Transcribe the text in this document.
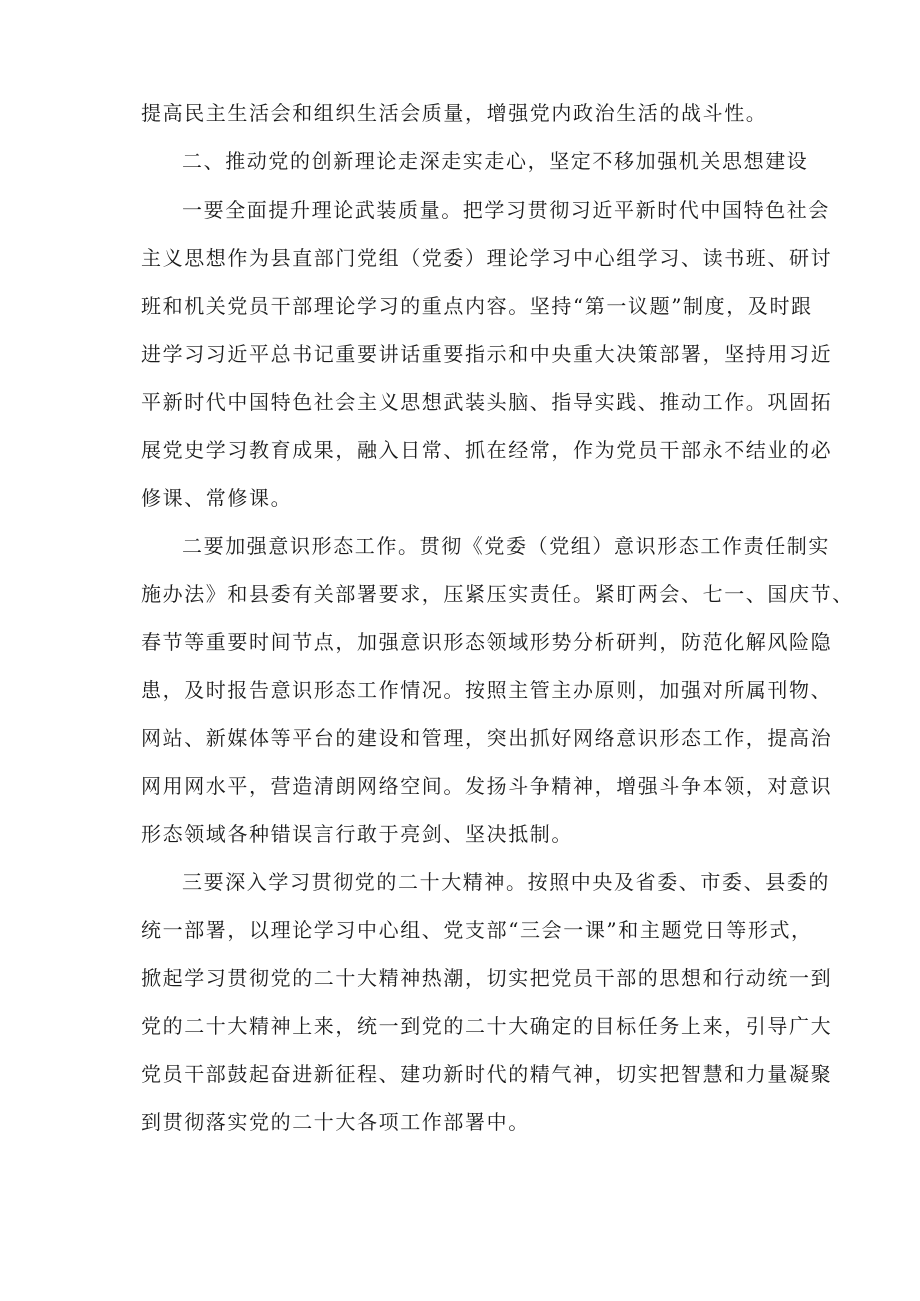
提高民主生活会和组织生活会质量，增强党内政治生活的战斗性。
二、推动党的创新理论走深走实走心，坚定不移加强机关思想建设
一要全面提升理论武装质量。把学习贯彻习近平新时代中国特色社会
主义思想作为县直部门党组（党委）理论学习中心组学习、读书班、研讨
班和机关党员干部理论学习的重点内容。坚持“第一议题”制度，及时跟
进学习习近平总书记重要讲话重要指示和中央重大决策部署，坚持用习近
平新时代中国特色社会主义思想武装头脑、指导实践、推动工作。巩固拓
展党史学习教育成果，融入日常、抓在经常，作为党员干部永不结业的必
修课、常修课。
二要加强意识形态工作。贯彻《党委（党组）意识形态工作责任制实
施办法》和县委有关部署要求，压紧压实责任。紧盯两会、七一、国庆节、
春节等重要时间节点，加强意识形态领域形势分析研判，防范化解风险隐
患，及时报告意识形态工作情况。按照主管主办原则，加强对所属刊物、
网站、新媒体等平台的建设和管理，突出抓好网络意识形态工作，提高治
网用网水平，营造清朗网络空间。发扬斗争精神，增强斗争本领，对意识
形态领域各种错误言行敢于亮剑、坚决抵制。
三要深入学习贯彻党的二十大精神。按照中央及省委、市委、县委的
统一部署，以理论学习中心组、党支部“三会一课”和主题党日等形式，
掀起学习贯彻党的二十大精神热潮，切实把党员干部的思想和行动统一到
党的二十大精神上来，统一到党的二十大确定的目标任务上来，引导广大
党员干部鼓起奋进新征程、建功新时代的精气神，切实把智慧和力量凝聚
到贯彻落实党的二十大各项工作部署中。
